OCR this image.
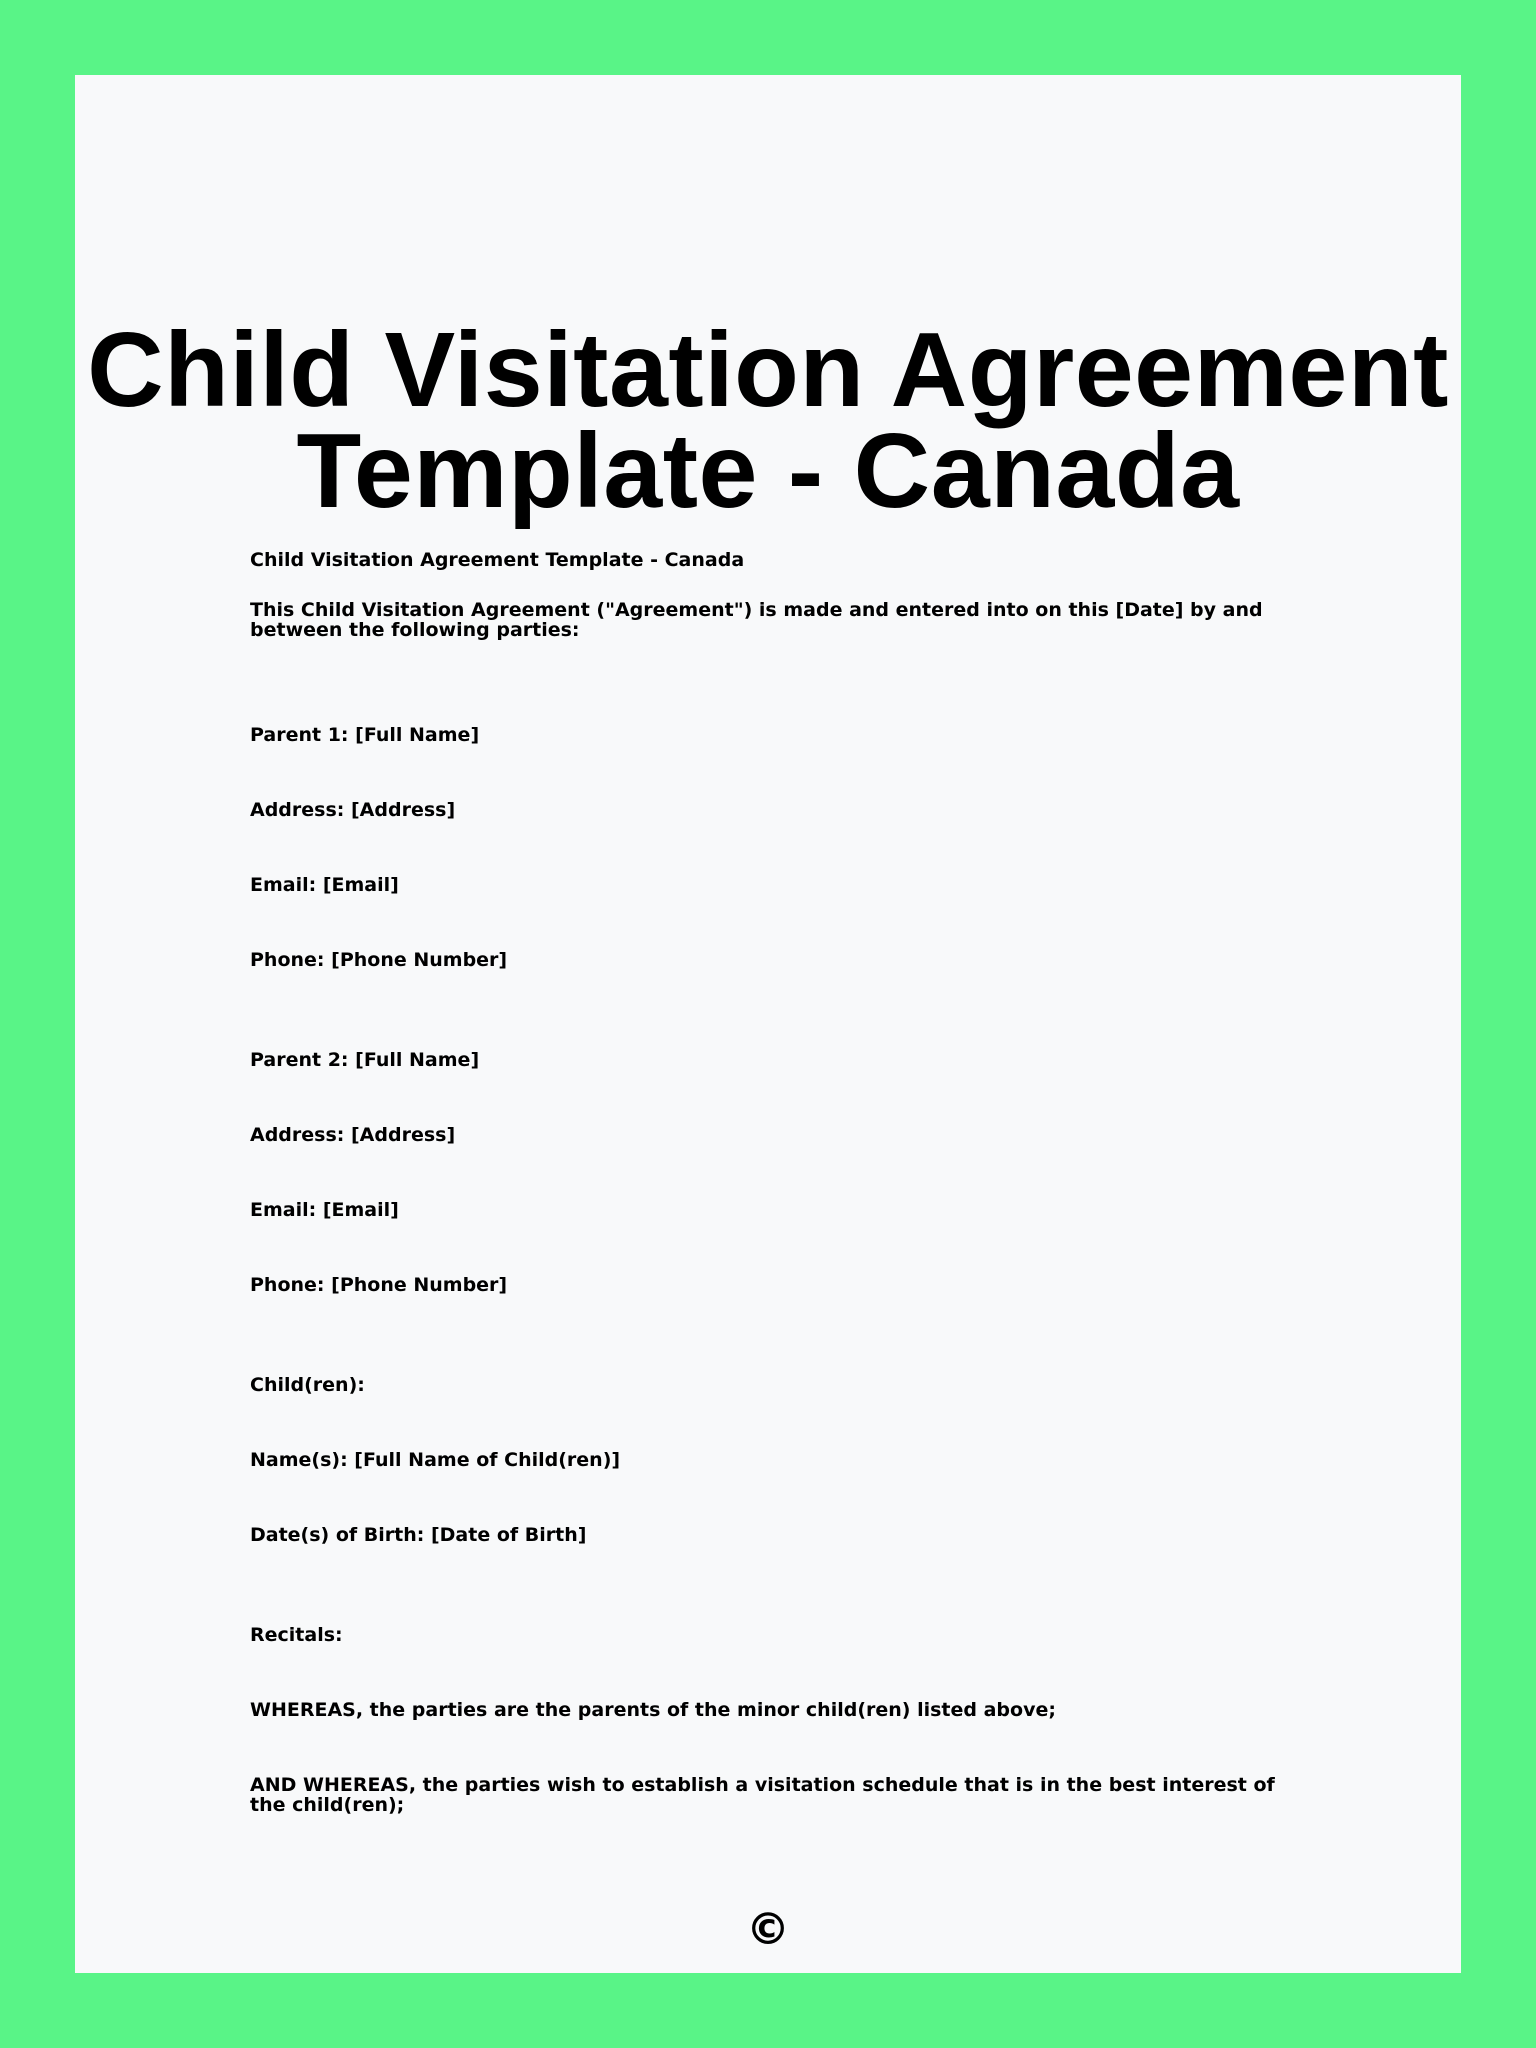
Child Visitation Agreement Template - Canada

Child Visitation Agreement Template - Canada

This Child Visitation Agreement ("Agreement") is made and entered into on this [Date] by and between the following parties:

Parent 1: [Full Name]

Address: [Address]

Email: [Email]

Phone: [Phone Number]

Parent 2: [Full Name]

Address: [Address]

Email: [Email]

Phone: [Phone Number]

Child(ren):

Name(s): [Full Name of Child(ren)]

Date(s) of Birth: [Date of Birth]

Recitals:

WHEREAS, the parties are the parents of the minor child(ren) listed above;

AND WHEREAS, the parties wish to establish a visitation schedule that is in the best interest of the child(ren);

©
